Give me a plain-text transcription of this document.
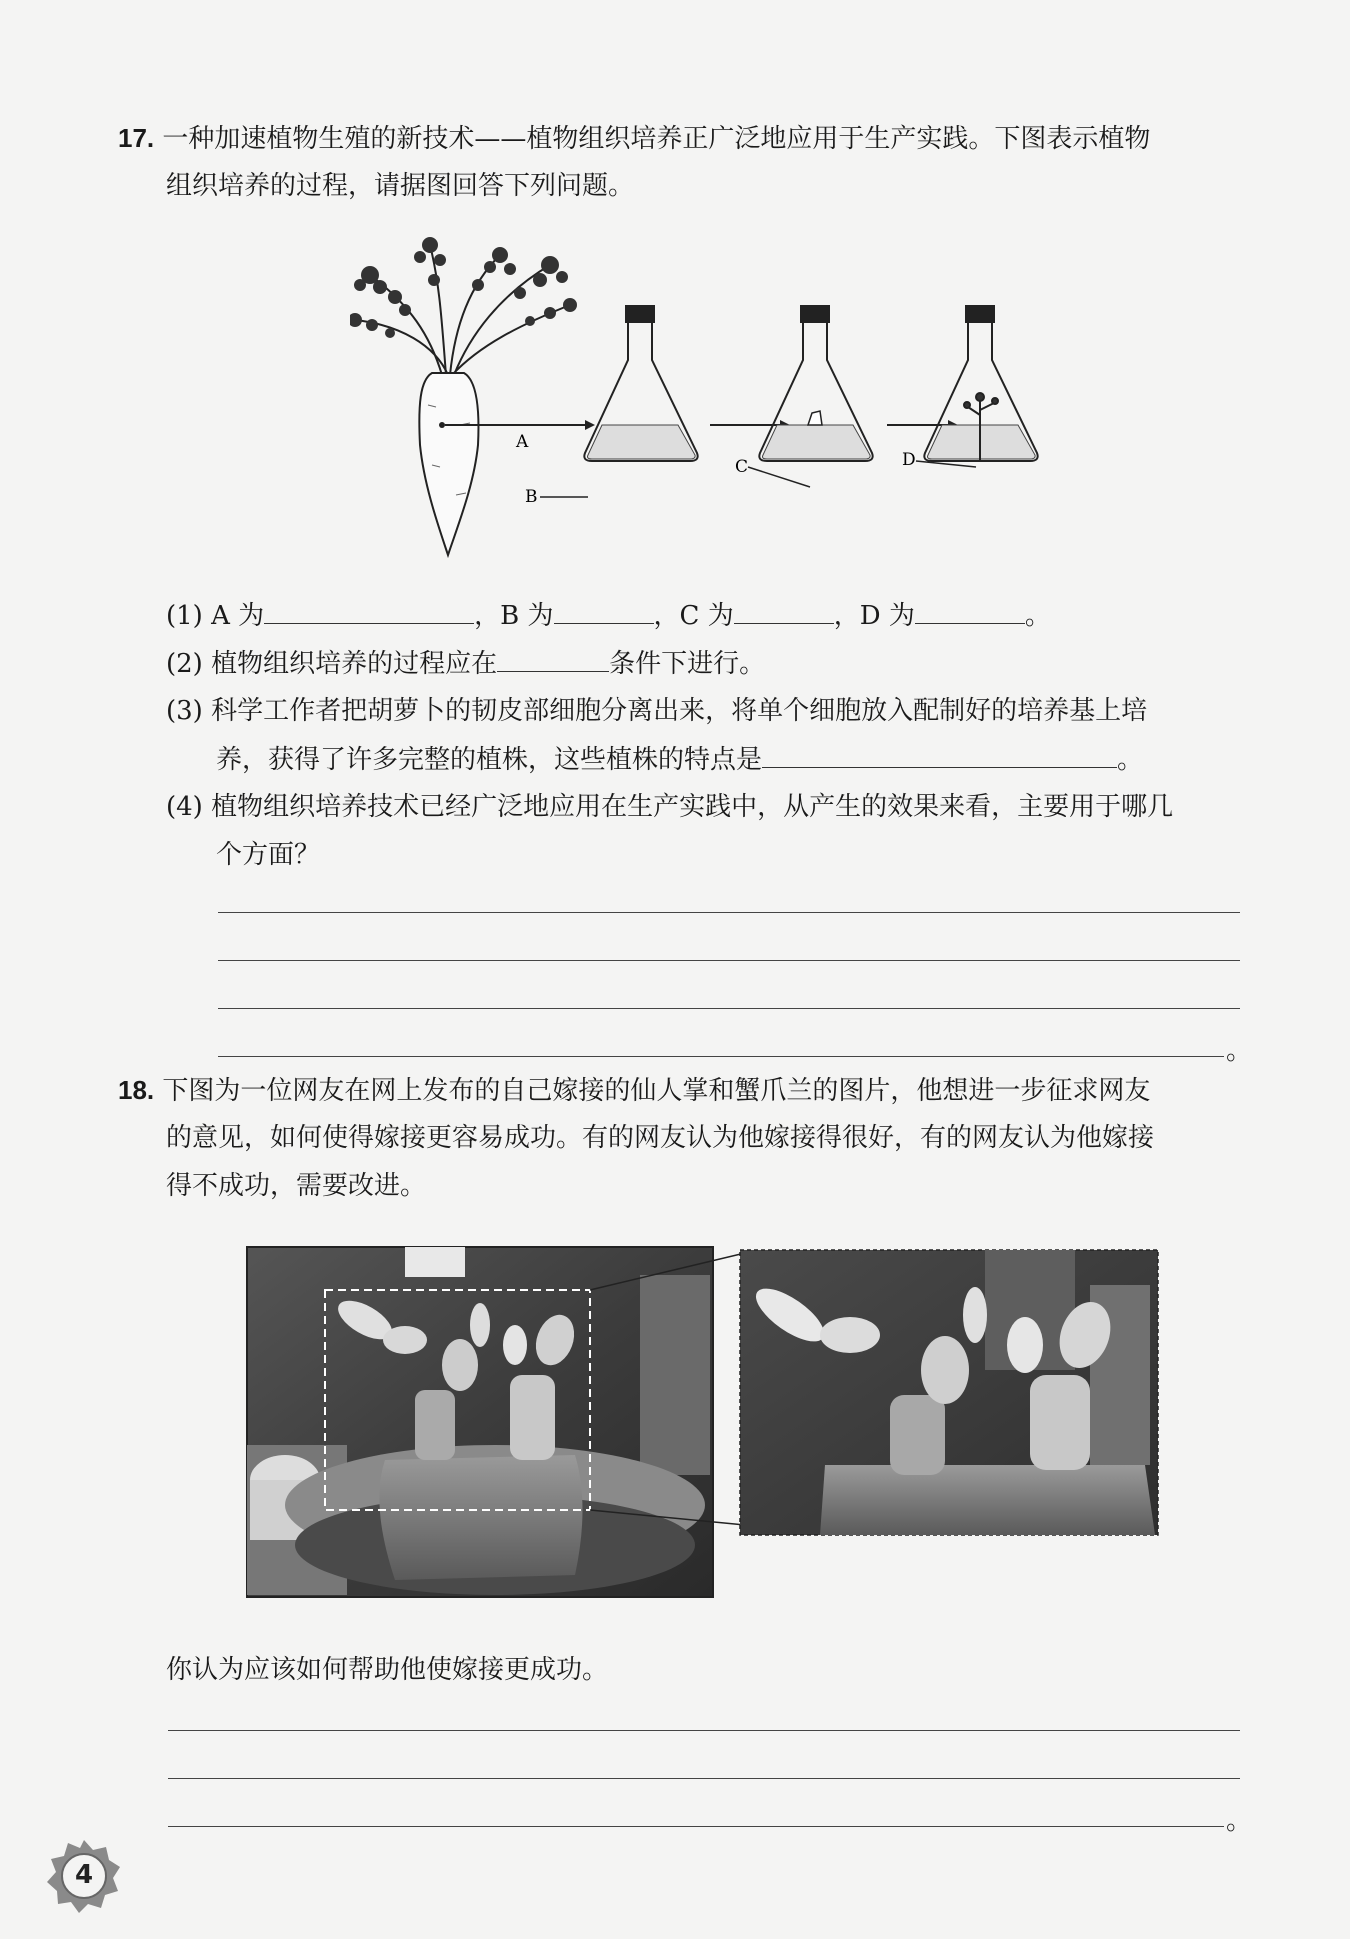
17. 一种加速植物生殖的新技术——植物组织培养正广泛地应用于生产实践。下图表示植物
组织培养的过程，请据图回答下列问题。
A
B
C	D
(1) A 为	，B 为	，C 为	，D 为	。
(2) 植物组织培养的过程应在	条件下进行。
(3) 科学工作者把胡萝卜的韧皮部细胞分离出来，将单个细胞放入配制好的培养基上培
养，获得了许多完整的植株，这些植株的特点是	。
(4) 植物组织培养技术已经广泛地应用在生产实践中，从产生的效果来看，主要用于哪几
个方面？
。
18. 下图为一位网友在网上发布的自己嫁接的仙人掌和蟹爪兰的图片，他想进一步征求网友
的意见，如何使得嫁接更容易成功。有的网友认为他嫁接得很好，有的网友认为他嫁接
得不成功，需要改进。
你认为应该如何帮助他使嫁接更成功。
。
4
